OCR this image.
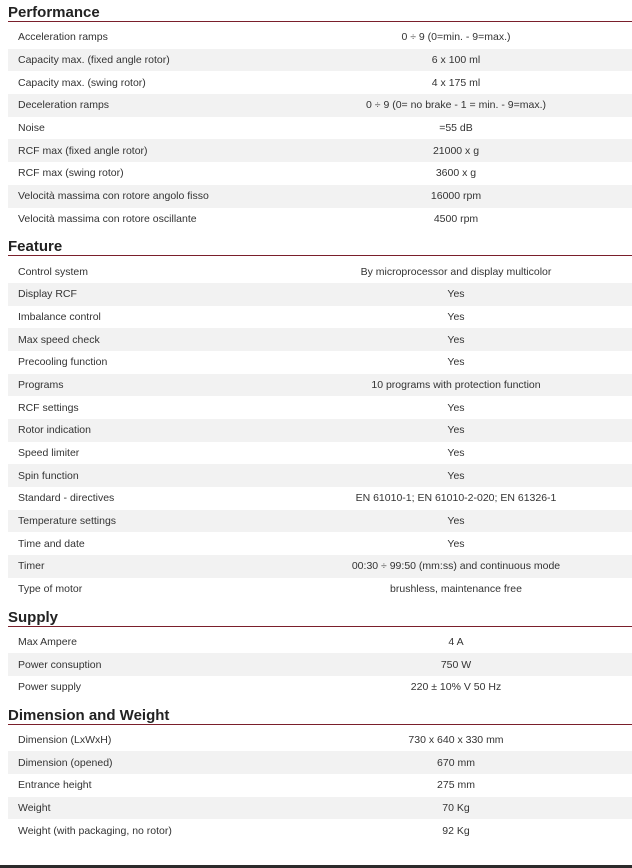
Performance
Acceleration ramps	0 ÷ 9 (0=min. - 9=max.)
Capacity max. (fixed angle rotor)	6 x 100 ml
Capacity max. (swing rotor)	4 x 175 ml
Deceleration ramps	0 ÷ 9 (0= no brake - 1 = min. - 9=max.)
Noise	=55 dB
RCF max (fixed angle rotor)	21000 x g
RCF max (swing rotor)	3600 x g
Velocità massima con rotore angolo fisso	16000 rpm
Velocità massima con rotore oscillante	4500 rpm
Feature
Control system	By microprocessor and display multicolor
Display RCF	Yes
Imbalance control	Yes
Max speed check	Yes
Precooling function	Yes
Programs	10 programs with protection function
RCF settings	Yes
Rotor indication	Yes
Speed limiter	Yes
Spin function	Yes
Standard - directives	EN 61010-1; EN 61010-2-020; EN 61326-1
Temperature settings	Yes
Time and date	Yes
Timer	00:30 ÷ 99:50 (mm:ss) and continuous mode
Type of motor	brushless, maintenance free
Supply
Max Ampere	4 A
Power consuption	750 W
Power supply	220 ± 10% V 50 Hz
Dimension and Weight
Dimension (LxWxH)	730 x 640 x 330 mm
Dimension (opened)	670 mm
Entrance height	275 mm
Weight	70 Kg
Weight (with packaging, no rotor)	92 Kg
